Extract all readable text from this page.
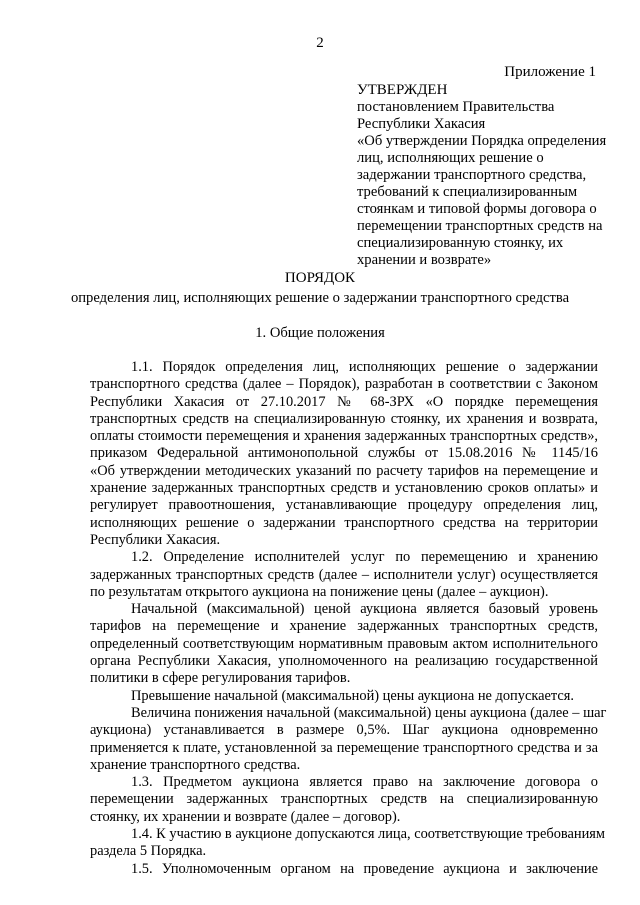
2
Приложение 1
УТВЕРЖДЕН
постановлением Правительства
Республики Хакасия
«Об утверждении Порядка определения
лиц, исполняющих решение о
задержании транспортного средства,
требований к специализированным
стоянкам и типовой формы договора о
перемещении транспортных средств на
специализированную стоянку, их
хранении и возврате»
ПОРЯДОК
определения лиц, исполняющих решение о задержании транспортного средства
1. Общие положения
1.1. Порядок определения лиц, исполняющих решение о задержании
транспортного средства (далее – Порядок), разработан в соответствии с Законом
Республики Хакасия от 27.10.2017 № 68-ЗРХ «О порядке перемещения
транспортных средств на специализированную стоянку, их хранения и возврата,
оплаты стоимости перемещения и хранения задержанных транспортных средств»,
приказом Федеральной антимонопольной службы от 15.08.2016 № 1145/16
«Об утверждении методических указаний по расчету тарифов на перемещение и
хранение задержанных транспортных средств и установлению сроков оплаты» и
регулирует правоотношения, устанавливающие процедуру определения лиц,
исполняющих решение о задержании транспортного средства на территории
Республики Хакасия.
1.2. Определение исполнителей услуг по перемещению и хранению
задержанных транспортных средств (далее – исполнители услуг) осуществляется
по результатам открытого аукциона на понижение цены (далее – аукцион).
Начальной (максимальной) ценой аукциона является базовый уровень
тарифов на перемещение и хранение задержанных транспортных средств,
определенный соответствующим нормативным правовым актом исполнительного
органа Республики Хакасия, уполномоченного на реализацию государственной
политики в сфере регулирования тарифов.
Превышение начальной (максимальной) цены аукциона не допускается.
Величина понижения начальной (максимальной) цены аукциона (далее – шаг
аукциона) устанавливается в размере 0,5%. Шаг аукциона одновременно
применяется к плате, установленной за перемещение транспортного средства и за
хранение транспортного средства.
1.3. Предметом аукциона является право на заключение договора о
перемещении задержанных транспортных средств на специализированную
стоянку, их хранении и возврате (далее – договор).
1.4. К участию в аукционе допускаются лица, соответствующие требованиям
раздела 5 Порядка.
1.5. Уполномоченным органом на проведение аукциона и заключение
